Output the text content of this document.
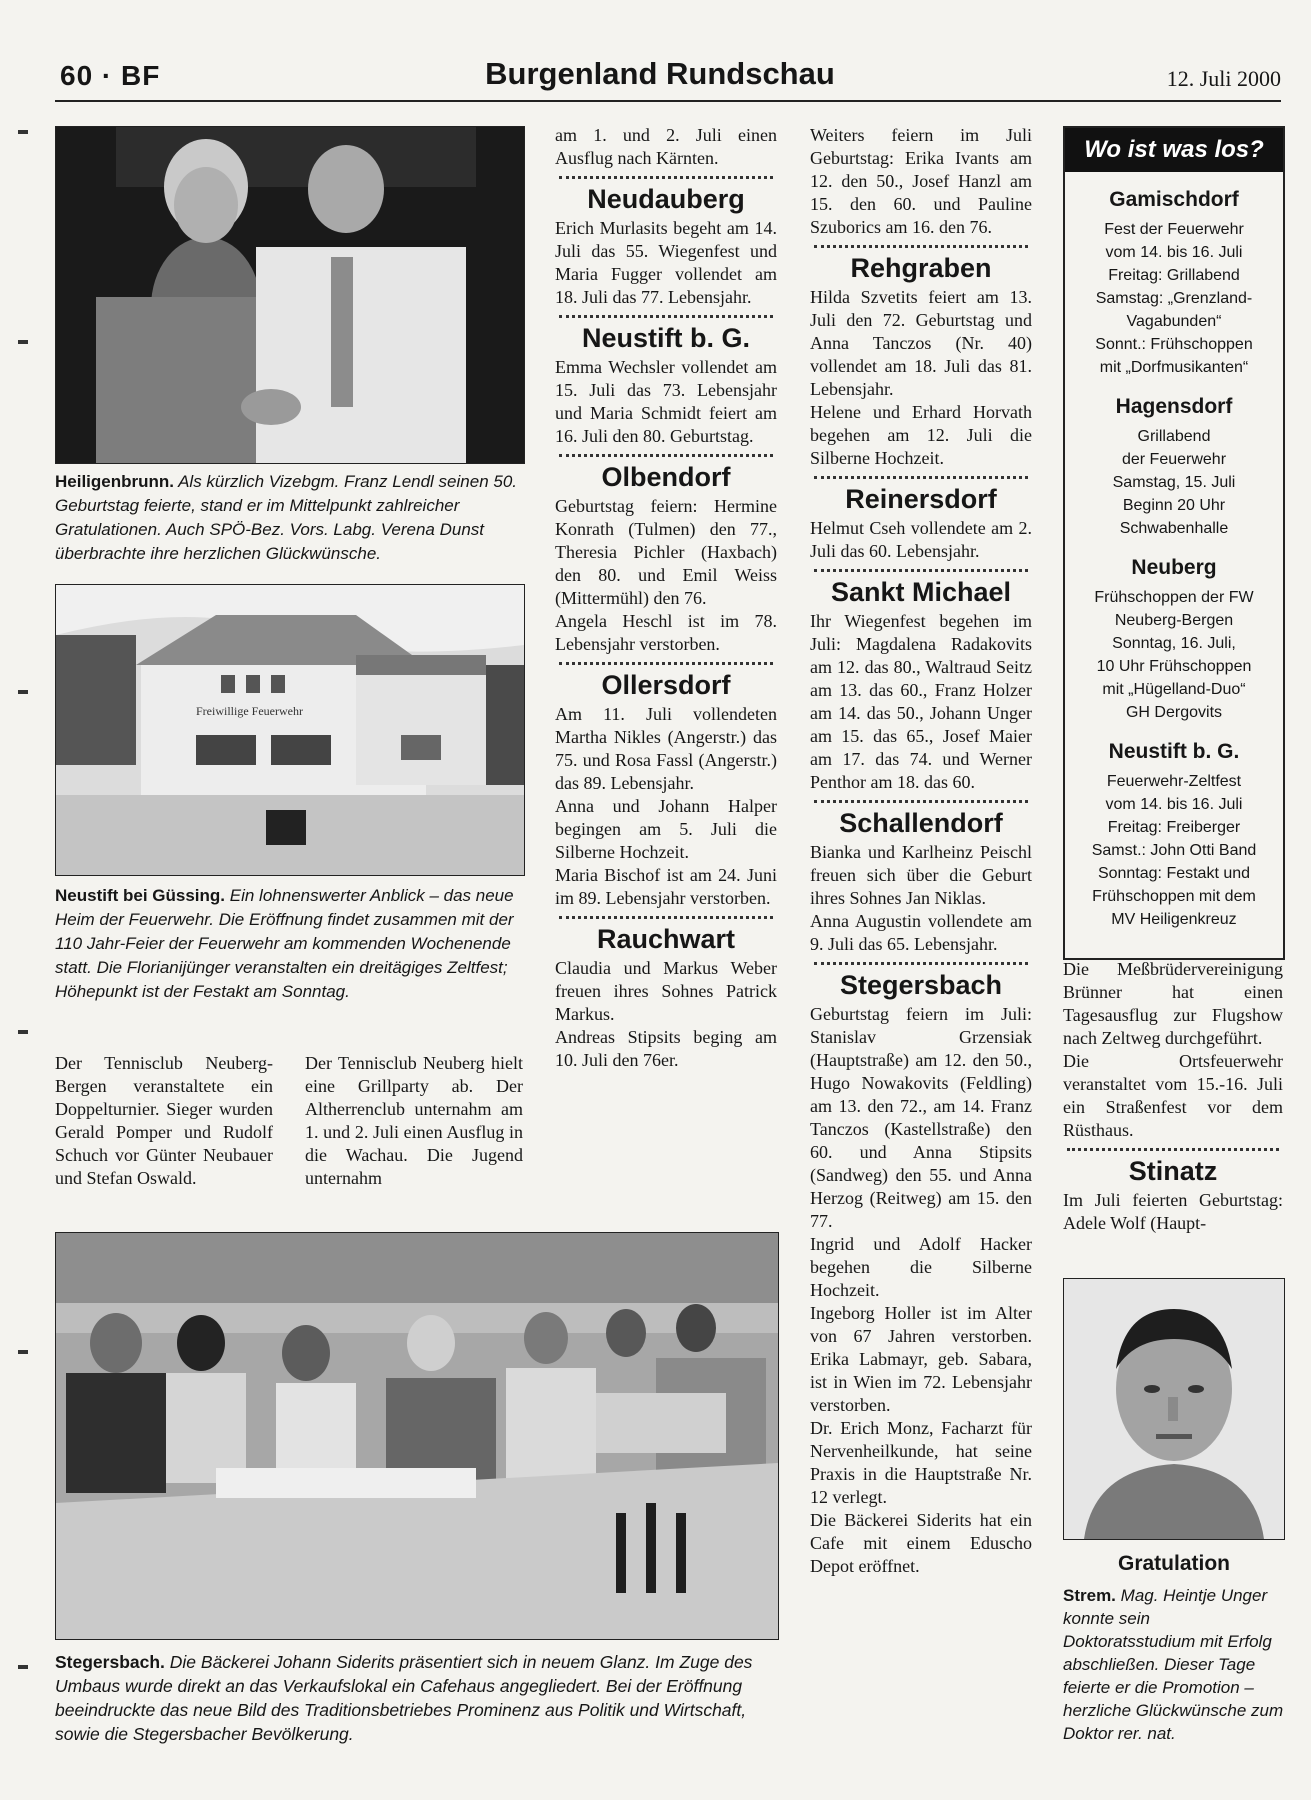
60 · BF	Burgenland Rundschau	12. Juli 2000
Heiligenbrunn. Als kürzlich Vizebgm. Franz Lendl seinen 50. Geburtstag feierte, stand er im Mittelpunkt zahlreicher Gratulationen. Auch SPÖ-Bez. Vors. Labg. Verena Dunst überbrachte ihre herzlichen Glückwünsche.
Freiwillige Feuerwehr
Neustift bei Güssing. Ein lohnenswerter Anblick – das neue Heim der Feuerwehr. Die Eröffnung findet zusammen mit der 110 Jahr-Feier der Feuerwehr am kommenden Wochenende statt. Die Florianijünger veranstalten ein dreitägiges Zeltfest; Höhepunkt ist der Festakt am Sonntag.

Der Tennisclub Neuberg-Bergen veranstaltete ein Doppelturnier. Sieger wurden Gerald Pomper und Rudolf Schuch vor Günter Neubauer und Stefan Oswald.

Der Tennisclub Neuberg hielt eine Grillparty ab. Der Altherrenclub unternahm am 1. und 2. Juli einen Ausflug in die Wachau. Die Jugend unternahm

Stegersbach. Die Bäckerei Johann Siderits präsentiert sich in neuem Glanz. Im Zuge des Umbaus wurde direkt an das Verkaufslokal ein Cafehaus angegliedert. Bei der Eröffnung beeindruckte das neue Bild des Traditionsbetriebes Prominenz aus Politik und Wirtschaft, sowie die Stegersbacher Bevölkerung.

am 1. und 2. Juli einen Ausflug nach Kärnten.

Neudauberg

Erich Murlasits begeht am 14. Juli das 55. Wiegenfest und Maria Fugger vollendet am 18. Juli das 77. Lebensjahr.

Neustift b. G.

Emma Wechsler vollendet am 15. Juli das 73. Lebensjahr und Maria Schmidt feiert am 16. Juli den 80. Geburtstag.

Olbendorf

Geburtstag feiern: Hermine Konrath (Tulmen) den 77., Theresia Pichler (Haxbach) den 80. und Emil Weiss (Mittermühl) den 76.

Angela Heschl ist im 78. Lebensjahr verstorben.

Ollersdorf

Am 11. Juli vollendeten Martha Nikles (Angerstr.) das 75. und Rosa Fassl (Angerstr.) das 89. Lebensjahr.

Anna und Johann Halper begingen am 5. Juli die Silberne Hochzeit.

Maria Bischof ist am 24. Juni im 89. Lebensjahr verstorben.

Rauchwart

Claudia und Markus Weber freuen ihres Sohnes Patrick Markus.

Andreas Stipsits beging am 10. Juli den 76er.

Weiters feiern im Juli Geburtstag: Erika Ivants am 12. den 50., Josef Hanzl am 15. den 60. und Pauline Szuborics am 16. den 76.

Rehgraben

Hilda Szvetits feiert am 13. Juli den 72. Geburtstag und Anna Tanczos (Nr. 40) vollendet am 18. Juli das 81. Lebensjahr.

Helene und Erhard Horvath begehen am 12. Juli die Silberne Hochzeit.

Reinersdorf

Helmut Cseh vollendete am 2. Juli das 60. Lebensjahr.

Sankt Michael

Ihr Wiegenfest begehen im Juli: Magdalena Radakovits am 12. das 80., Waltraud Seitz am 13. das 60., Franz Holzer am 14. das 50., Johann Unger am 15. das 65., Josef Maier am 17. das 74. und Werner Penthor am 18. das 60.

Schallendorf

Bianka und Karlheinz Peischl freuen sich über die Geburt ihres Sohnes Jan Niklas.

Anna Augustin vollendete am 9. Juli das 65. Lebensjahr.

Stegersbach

Geburtstag feiern im Juli: Stanislav Grzensiak (Hauptstraße) am 12. den 50., Hugo Nowakovits (Feldling) am 13. den 72., am 14. Franz Tanczos (Kastellstraße) den 60. und Anna Stipsits (Sandweg) den 55. und Anna Herzog (Reitweg) am 15. den 77.

Ingrid und Adolf Hacker begehen die Silberne Hochzeit.

Ingeborg Holler ist im Alter von 67 Jahren verstorben. Erika Labmayr, geb. Sabara, ist in Wien im 72. Lebensjahr verstorben.

Dr. Erich Monz, Facharzt für Nervenheilkunde, hat seine Praxis in die Hauptstraße Nr. 12 verlegt.

Die Bäckerei Siderits hat ein Cafe mit einem Eduscho Depot eröffnet.

Wo ist was los?
Gamischdorf
Fest der Feuerwehr
vom 14. bis 16. Juli
Freitag: Grillabend
Samstag: „Grenzland-Vagabunden“
Sonnt.: Frühschoppen
mit „Dorfmusikanten“
Hagensdorf
Grillabend
der Feuerwehr
Samstag, 15. Juli
Beginn 20 Uhr
Schwabenhalle
Neuberg
Frühschoppen der FW
Neuberg-Bergen
Sonntag, 16. Juli,
10 Uhr Frühschoppen
mit „Hügelland-Duo“
GH Dergovits
Neustift b. G.
Feuerwehr-Zeltfest
vom 14. bis 16. Juli
Freitag: Freiberger
Samst.: John Otti Band
Sonntag: Festakt und
Frühschoppen mit dem
MV Heiligenkreuz

Die Meßbrüdervereinigung Brünner hat einen Tagesausflug zur Flugshow nach Zeltweg durchgeführt.

Die Ortsfeuerwehr veranstaltet vom 15.-16. Juli ein Straßenfest vor dem Rüsthaus.

Stinatz

Im Juli feierten Geburtstag: Adele Wolf (Haupt-

Gratulation
Strem. Mag. Heintje Unger konnte sein Doktoratsstudium mit Erfolg abschließen. Dieser Tage feierte er die Promotion – herzliche Glückwünsche zum Doktor rer. nat.
